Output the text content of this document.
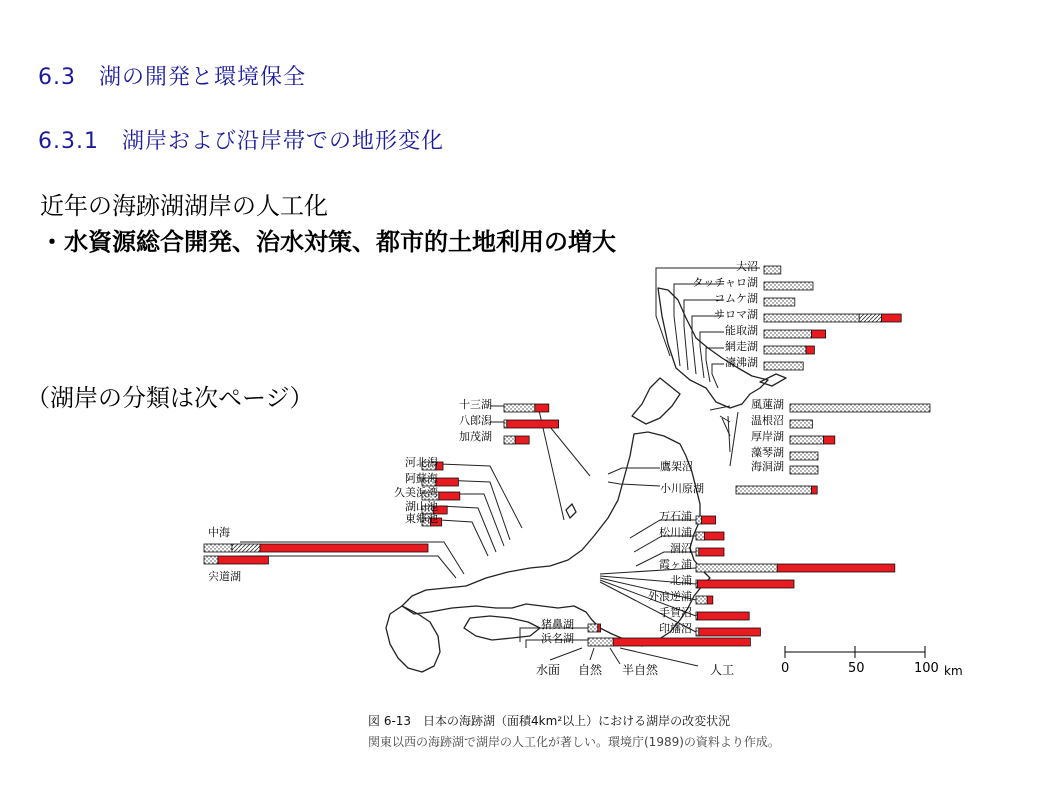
6.3　湖の開発と環境保全
6.3.1　湖岸および沿岸帯での地形変化
近年の海跡湖湖岸の人工化
・水資源総合開発、治水対策、都市的土地利用の増大
（湖岸の分類は次ページ）
大沼
タッチャロ湖
コムケ湖
サロマ湖
能取湖
網走湖
濤沸湖
風蓮湖
温根沼
厚岸湖
藻琴湖
海洞湖
十三湖
八郎潟
加茂湖
河北潟
阿蘇海
久美浜湾
湖山池
東郷池
中海
宍道湖
鷹架沼
小川原湖
万石浦
松川浦
涸沼
霞ヶ浦
北浦
外浪逆浦
手賀沼
印旛沼
猪鼻湖
浜名湖
水面 自然 半自然	人工	0	50	100 km
図 6-13　日本の海跡湖（面積4km²以上）における湖岸の改変状況
関東以西の海跡湖で湖岸の人工化が著しい。環境庁(1989)の資料より作成。
